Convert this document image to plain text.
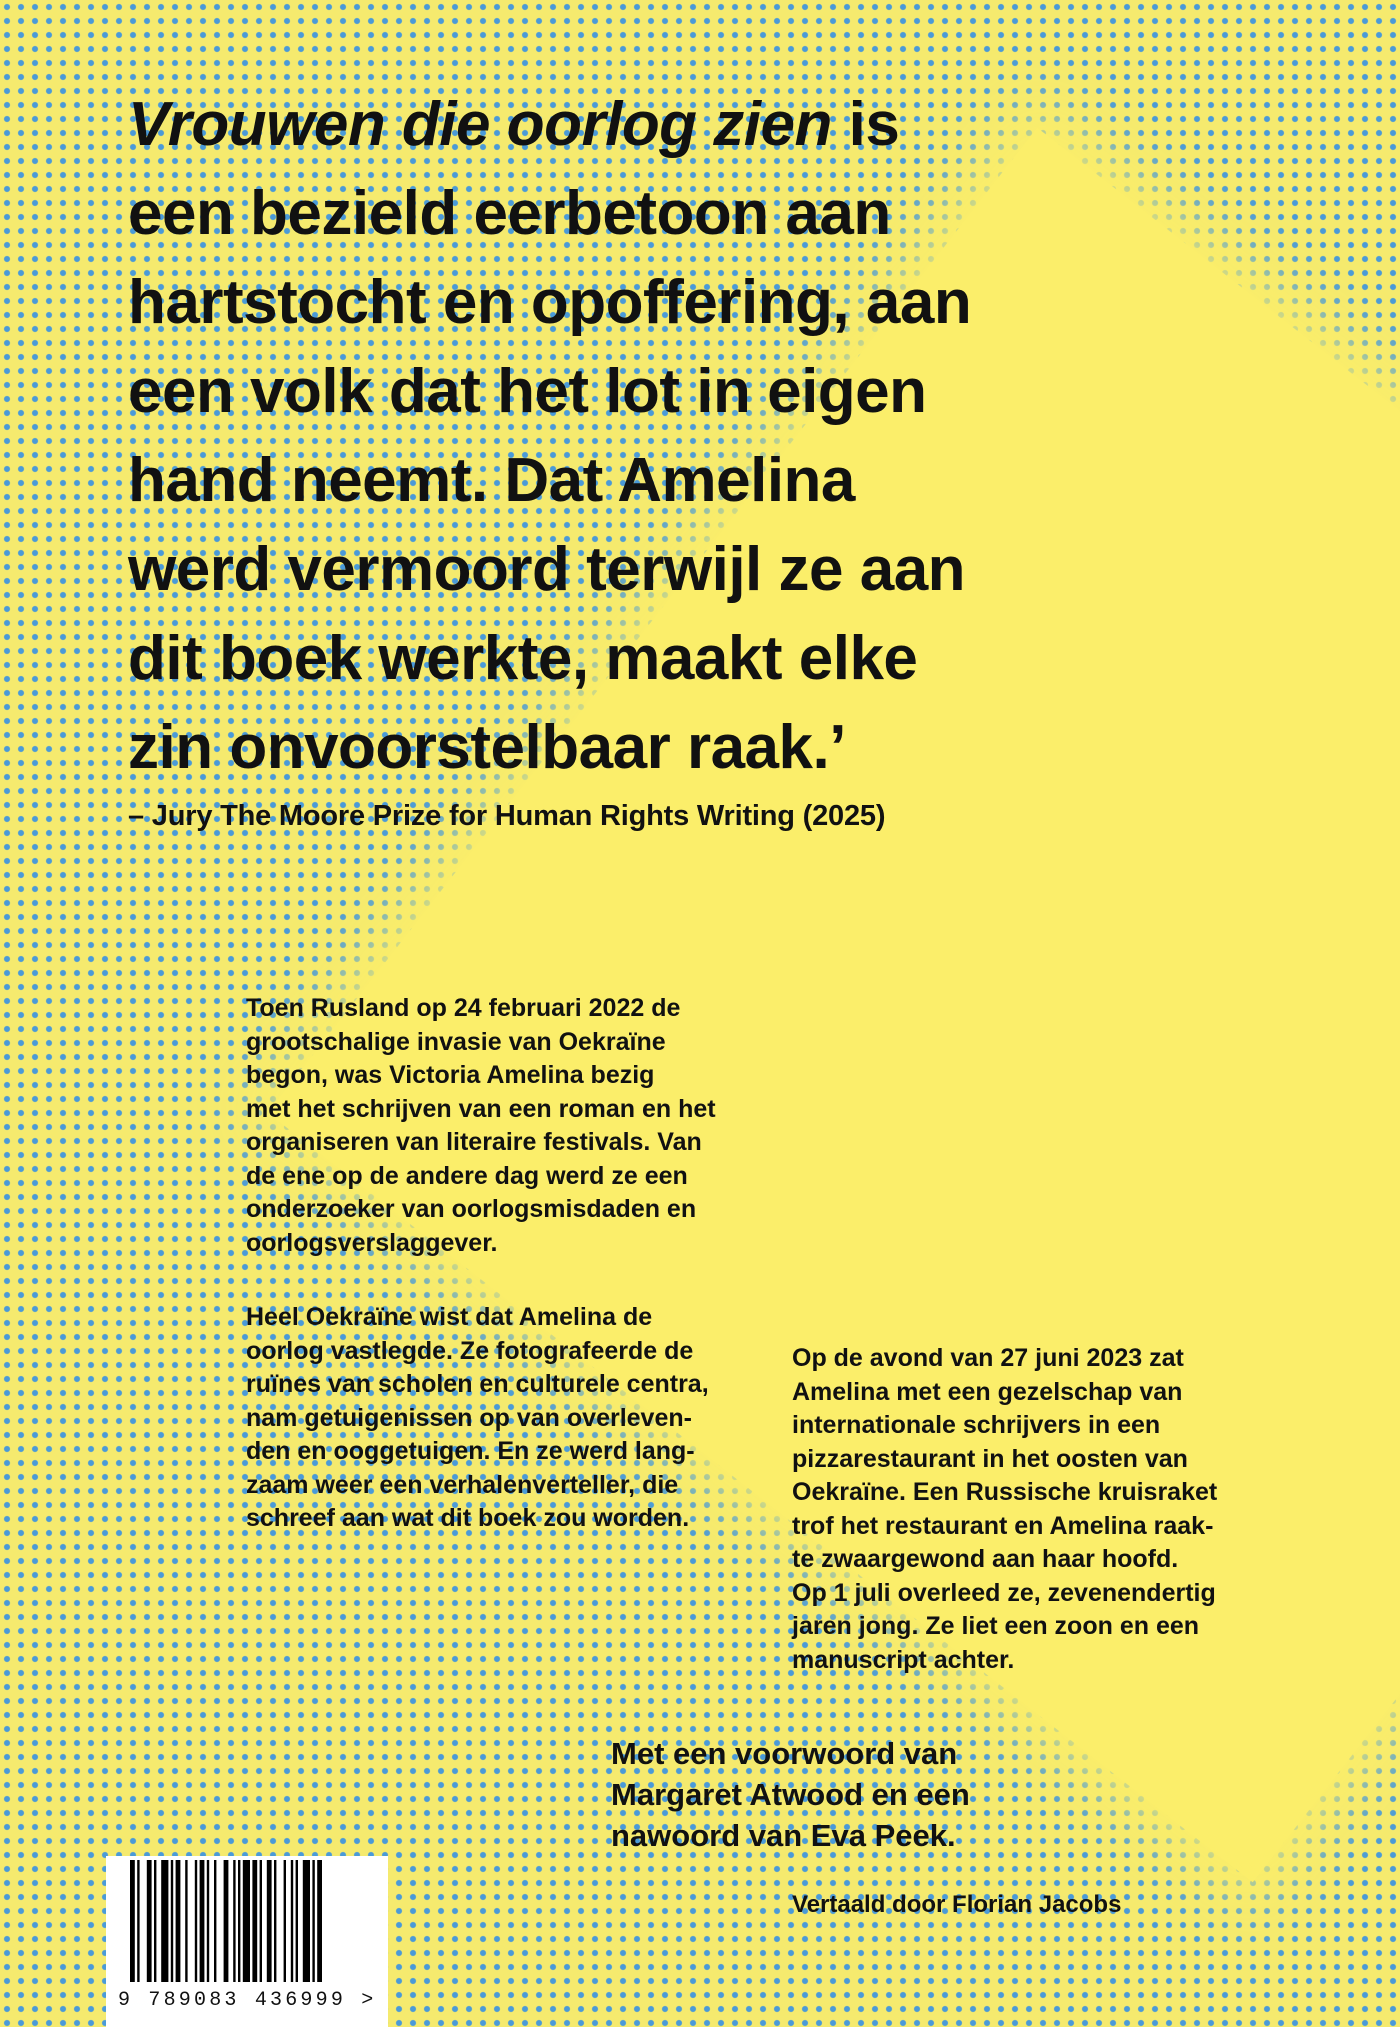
Vrouwen die oorlog zien is
een bezield eerbetoon aan
hartstocht en opoffering, aan
een volk dat het lot in eigen
hand neemt. Dat Amelina
werd vermoord terwijl ze aan
dit boek werkte, maakt elke
zin onvoorstelbaar raak.’
– Jury The Moore Prize for Human Rights Writing (2025)
Toen Rusland op 24 februari 2022 de
grootschalige invasie van Oekraïne
begon, was Victoria Amelina bezig
met het schrijven van een roman en het
organiseren van literaire festivals. Van
de ene op de andere dag werd ze een
onderzoeker van oorlogsmisdaden en
oorlogsverslaggever.
Heel Oekraïne wist dat Amelina de
oorlog vastlegde. Ze fotografeerde de
ruïnes van scholen en culturele centra,
nam getuigenissen op van overleven-
den en ooggetuigen. En ze werd lang-
zaam weer een verhalenverteller, die
schreef aan wat dit boek zou worden.
Op de avond van 27 juni 2023 zat
Amelina met een gezelschap van
internationale schrijvers in een
pizzarestaurant in het oosten van
Oekraïne. Een Russische kruisraket
trof het restaurant en Amelina raak-
te zwaargewond aan haar hoofd.
Op 1 juli overleed ze, zevenendertig
jaren jong. Ze liet een zoon en een
manuscript achter.
Met een voorwoord van
Margaret Atwood en een
nawoord van Eva Peek.
Vertaald door Florian Jacobs
9 789083 436999 >
